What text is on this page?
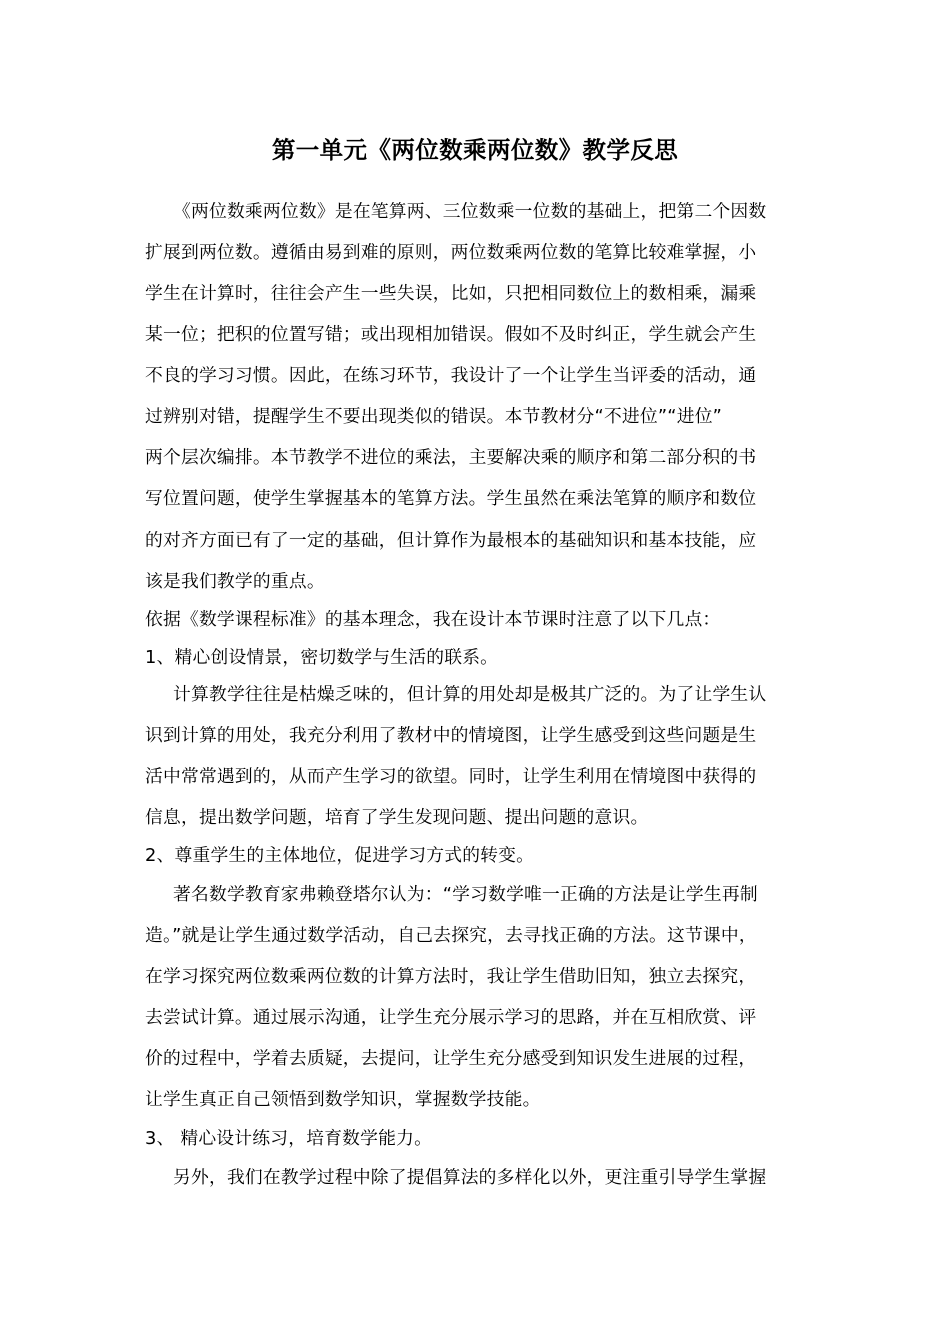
第一单元《两位数乘两位数》教学反思
《两位数乘两位数》是在笔算两、三位数乘一位数的基础上，把第二个因数
扩展到两位数。遵循由易到难的原则，两位数乘两位数的笔算比较难掌握，小
学生在计算时，往往会产生一些失误，比如，只把相同数位上的数相乘，漏乘
某一位；把积的位置写错；或出现相加错误。假如不及时纠正，学生就会产生
不良的学习习惯。因此，在练习环节，我设计了一个让学生当评委的活动，通
过辨别对错，提醒学生不要出现类似的错误。本节教材分“不进位”“进位”
两个层次编排。本节教学不进位的乘法，主要解决乘的顺序和第二部分积的书
写位置问题，使学生掌握基本的笔算方法。学生虽然在乘法笔算的顺序和数位
的对齐方面已有了一定的基础，但计算作为最根本的基础知识和基本技能，应
该是我们教学的重点。
依据《数学课程标准》的基本理念，我在设计本节课时注意了以下几点：
1、精心创设情景，密切数学与生活的联系。
计算教学往往是枯燥乏味的，但计算的用处却是极其广泛的。为了让学生认
识到计算的用处，我充分利用了教材中的情境图，让学生感受到这些问题是生
活中常常遇到的，从而产生学习的欲望。同时，让学生利用在情境图中获得的
信息，提出数学问题，培育了学生发现问题、提出问题的意识。
2、尊重学生的主体地位，促进学习方式的转变。
著名数学教育家弗赖登塔尔认为：“学习数学唯一正确的方法是让学生再制
造。”就是让学生通过数学活动，自己去探究，去寻找正确的方法。这节课中，
在学习探究两位数乘两位数的计算方法时，我让学生借助旧知，独立去探究，
去尝试计算。通过展示沟通，让学生充分展示学习的思路，并在互相欣赏、评
价的过程中，学着去质疑，去提问，让学生充分感受到知识发生进展的过程，
让学生真正自己领悟到数学知识，掌握数学技能。
3、 精心设计练习，培育数学能力。
另外，我们在教学过程中除了提倡算法的多样化以外，更注重引导学生掌握
